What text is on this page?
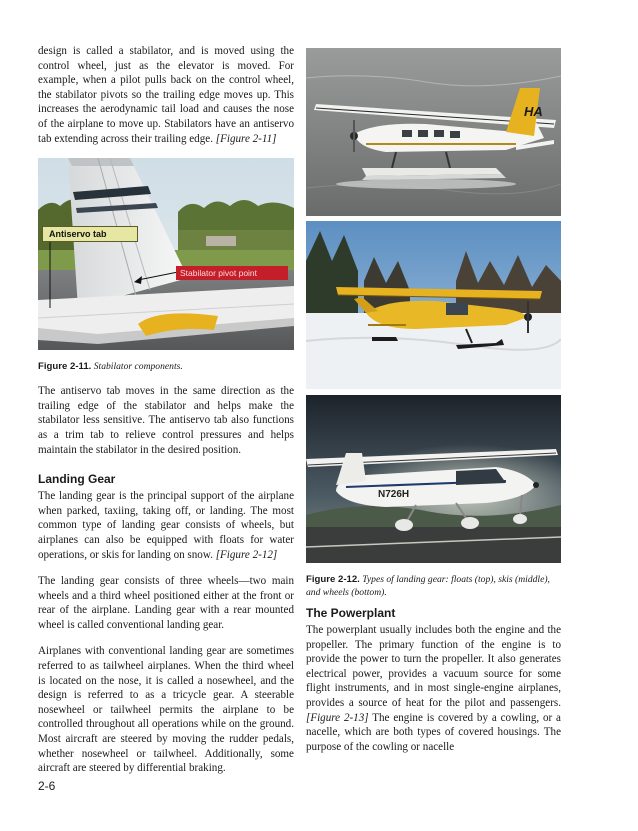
design is called a stabilator, and is moved using the control wheel, just as the elevator is moved. For example, when a pilot pulls back on the control wheel, the stabilator pivots so the trailing edge moves up. This increases the aerodynamic tail load and causes the nose of the airplane to move up. Stabilators have an antiservo tab extending across their trailing edge. [Figure 2-11]

Antiservo tab
Stabilator pivot point

Figure 2-11. Stabilator components.

The antiservo tab moves in the same direction as the trailing edge of the stabilator and helps make the stabilator less sensitive. The antiservo tab also functions as a trim tab to relieve control pressures and helps maintain the stabilator in the desired position.

Landing Gear

The landing gear is the principal support of the airplane when parked, taxiing, taking off, or landing. The most common type of landing gear consists of wheels, but airplanes can also be equipped with floats for water operations, or skis for landing on snow. [Figure 2-12]

The landing gear consists of three wheels—two main wheels and a third wheel positioned either at the front or rear of the airplane. Landing gear with a rear mounted wheel is called conventional landing gear.

Airplanes with conventional landing gear are sometimes referred to as tailwheel airplanes. When the third wheel is located on the nose, it is called a nosewheel, and the design is referred to as a tricycle gear. A steerable nosewheel or tailwheel permits the airplane to be controlled throughout all operations while on the ground. Most aircraft are steered by moving the rudder pedals, whether nosewheel or tailwheel. Additionally, some aircraft are steered by differential braking.

HA
N726H

Figure 2-12. Types of landing gear: floats (top), skis (middle), and wheels (bottom).

The Powerplant

The powerplant usually includes both the engine and the propeller. The primary function of the engine is to provide the power to turn the propeller. It also generates electrical power, provides a vacuum source for some flight instruments, and in most single-engine airplanes, provides a source of heat for the pilot and passengers. [Figure 2-13] The engine is covered by a cowling, or a nacelle, which are both types of covered housings. The purpose of the cowling or nacelle

2-6
